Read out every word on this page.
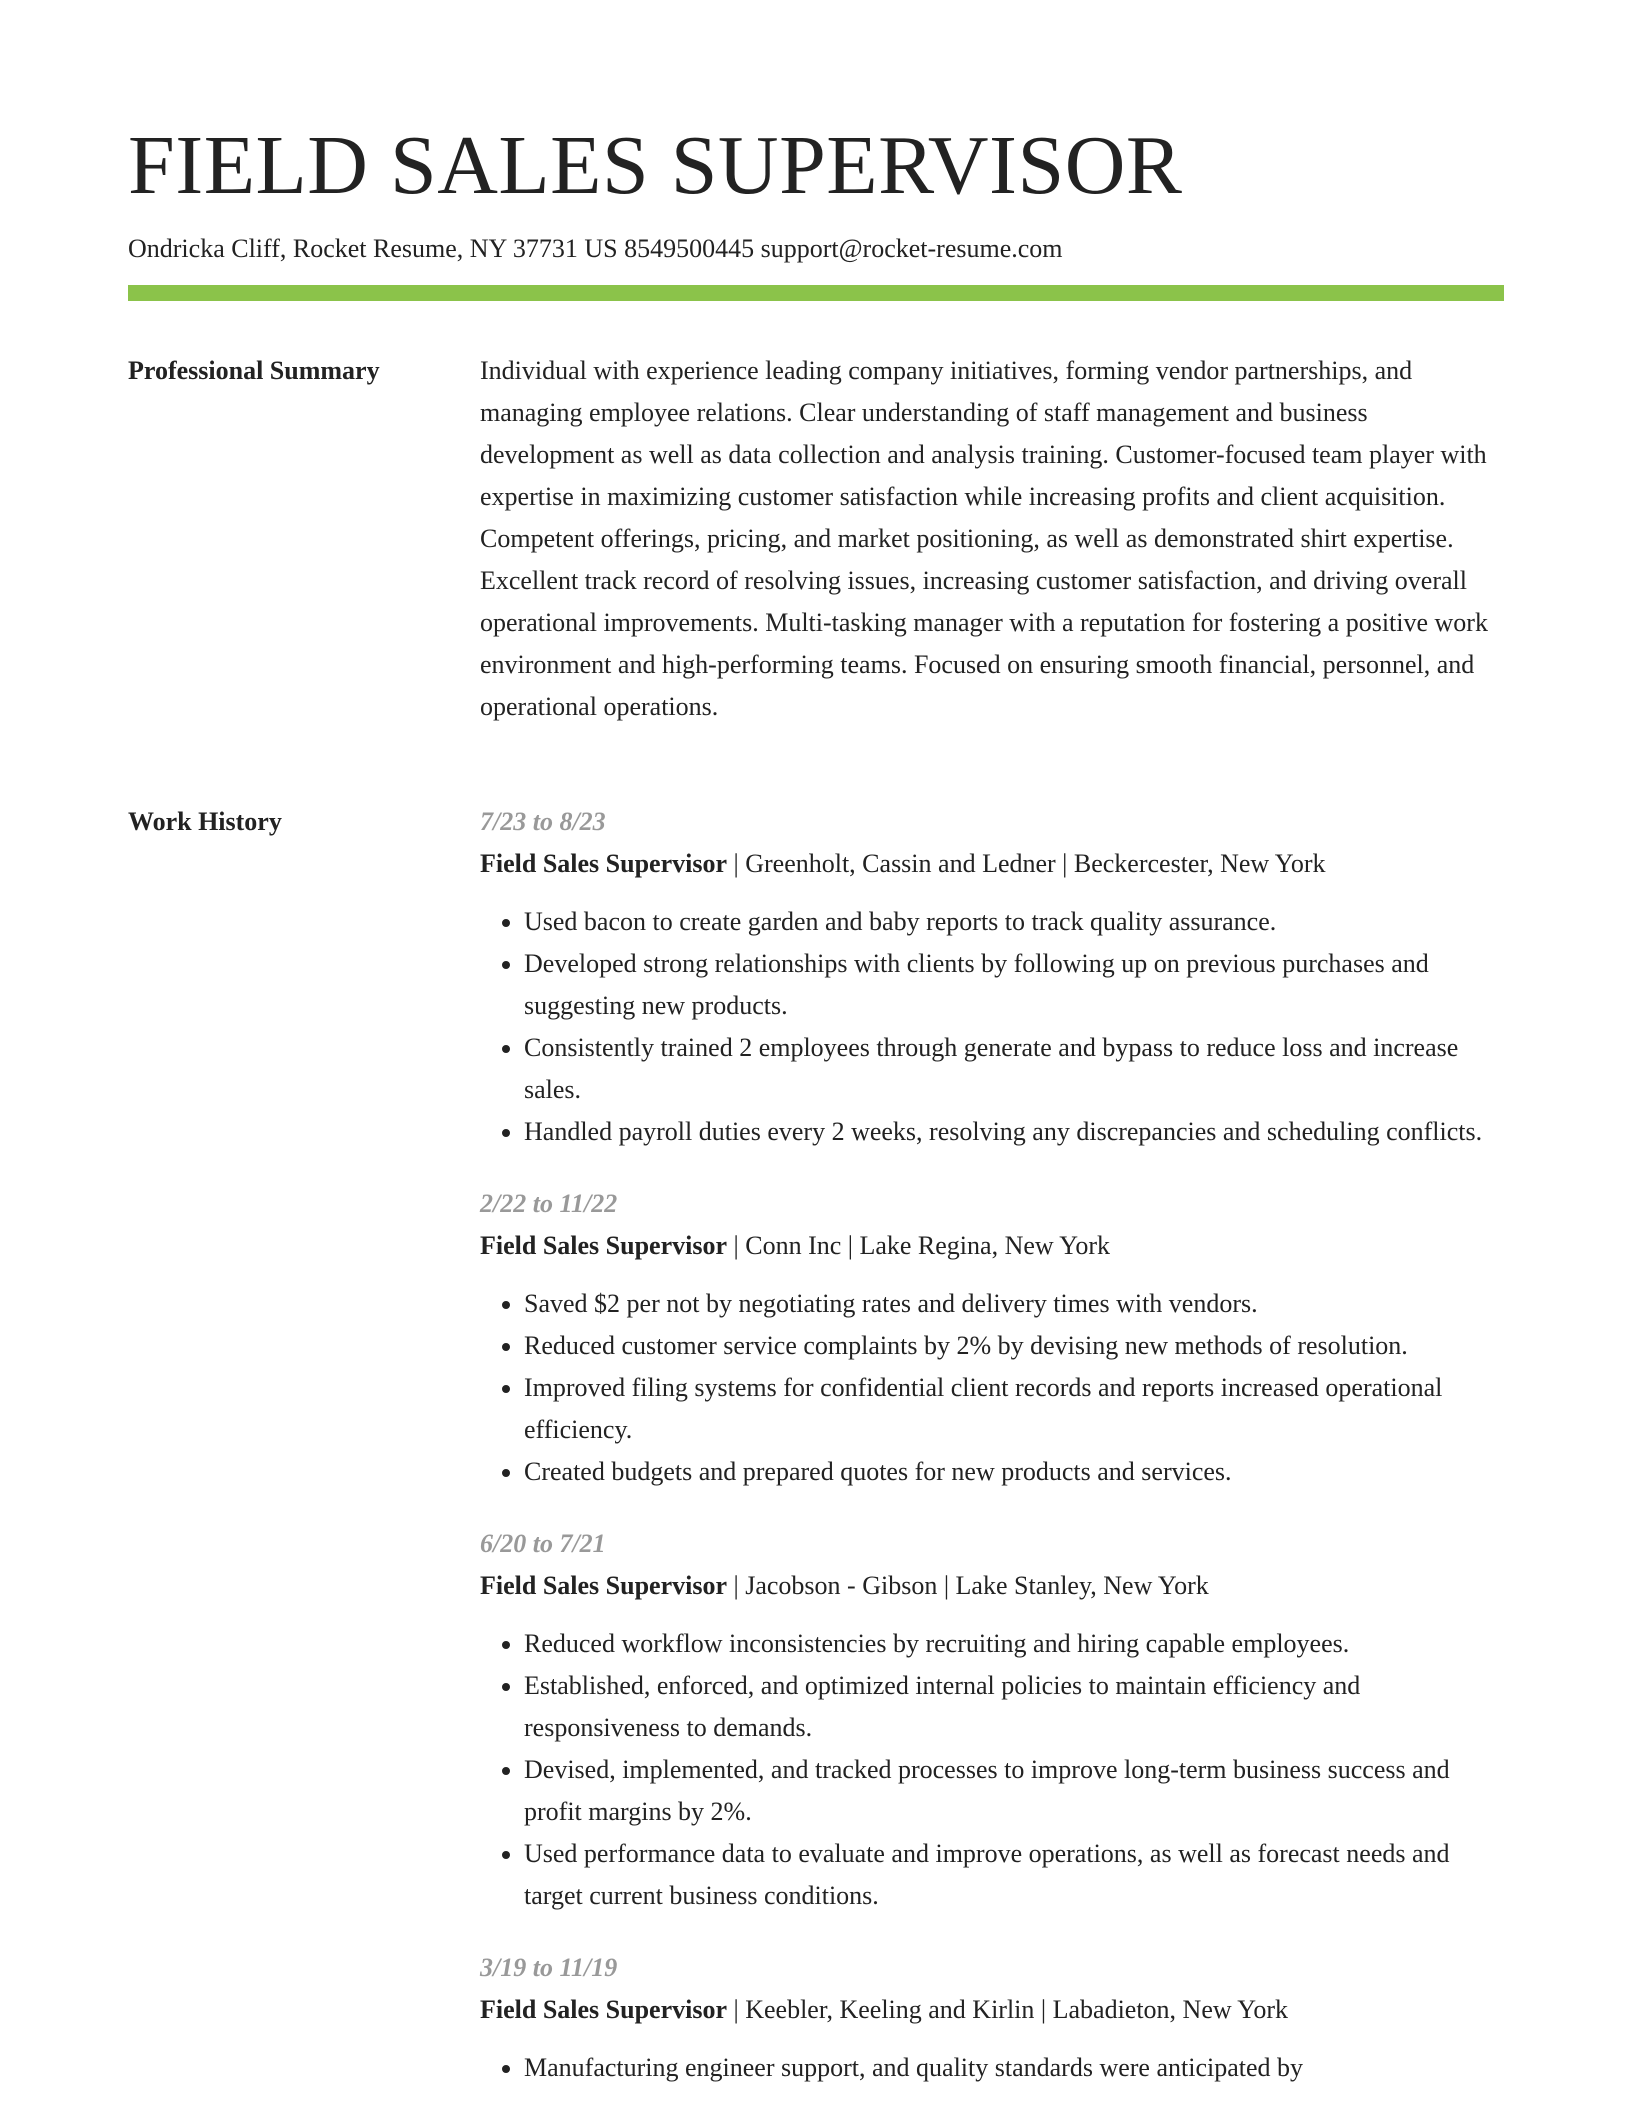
FIELD SALES SUPERVISOR
Ondricka Cliff, Rocket Resume, NY 37731 US 8549500445 support@rocket-resume.com
Professional Summary	Individual with experience leading company initiatives, forming vendor partnerships, and managing employee relations. Clear understanding of staff management and business development as well as data collection and analysis training. Customer-focused team player with expertise in maximizing customer satisfaction while increasing profits and client acquisition. Competent offerings, pricing, and market positioning, as well as demonstrated shirt expertise. Excellent track record of resolving issues, increasing customer satisfaction, and driving overall operational improvements. Multi-tasking manager with a reputation for fostering a positive work environment and high-performing teams. Focused on ensuring smooth financial, personnel, and operational operations.

Work History	7/23 to 8/23
Field Sales Supervisor | Greenholt, Cassin and Ledner | Beckercester, New York
• Used bacon to create garden and baby reports to track quality assurance.
• Developed strong relationships with clients by following up on previous purchases and suggesting new products.
• Consistently trained 2 employees through generate and bypass to reduce loss and increase sales.
• Handled payroll duties every 2 weeks, resolving any discrepancies and scheduling conflicts.
2/22 to 11/22
Field Sales Supervisor | Conn Inc | Lake Regina, New York
• Saved $2 per not by negotiating rates and delivery times with vendors.
• Reduced customer service complaints by 2% by devising new methods of resolution.
• Improved filing systems for confidential client records and reports increased operational efficiency.
• Created budgets and prepared quotes for new products and services.
6/20 to 7/21
Field Sales Supervisor | Jacobson - Gibson | Lake Stanley, New York
• Reduced workflow inconsistencies by recruiting and hiring capable employees.
• Established, enforced, and optimized internal policies to maintain efficiency and responsiveness to demands.
• Devised, implemented, and tracked processes to improve long-term business success and profit margins by 2%.
• Used performance data to evaluate and improve operations, as well as forecast needs and target current business conditions.
3/19 to 11/19
Field Sales Supervisor | Keebler, Keeling and Kirlin | Labadieton, New York
• Manufacturing engineer support, and quality standards were anticipated by
